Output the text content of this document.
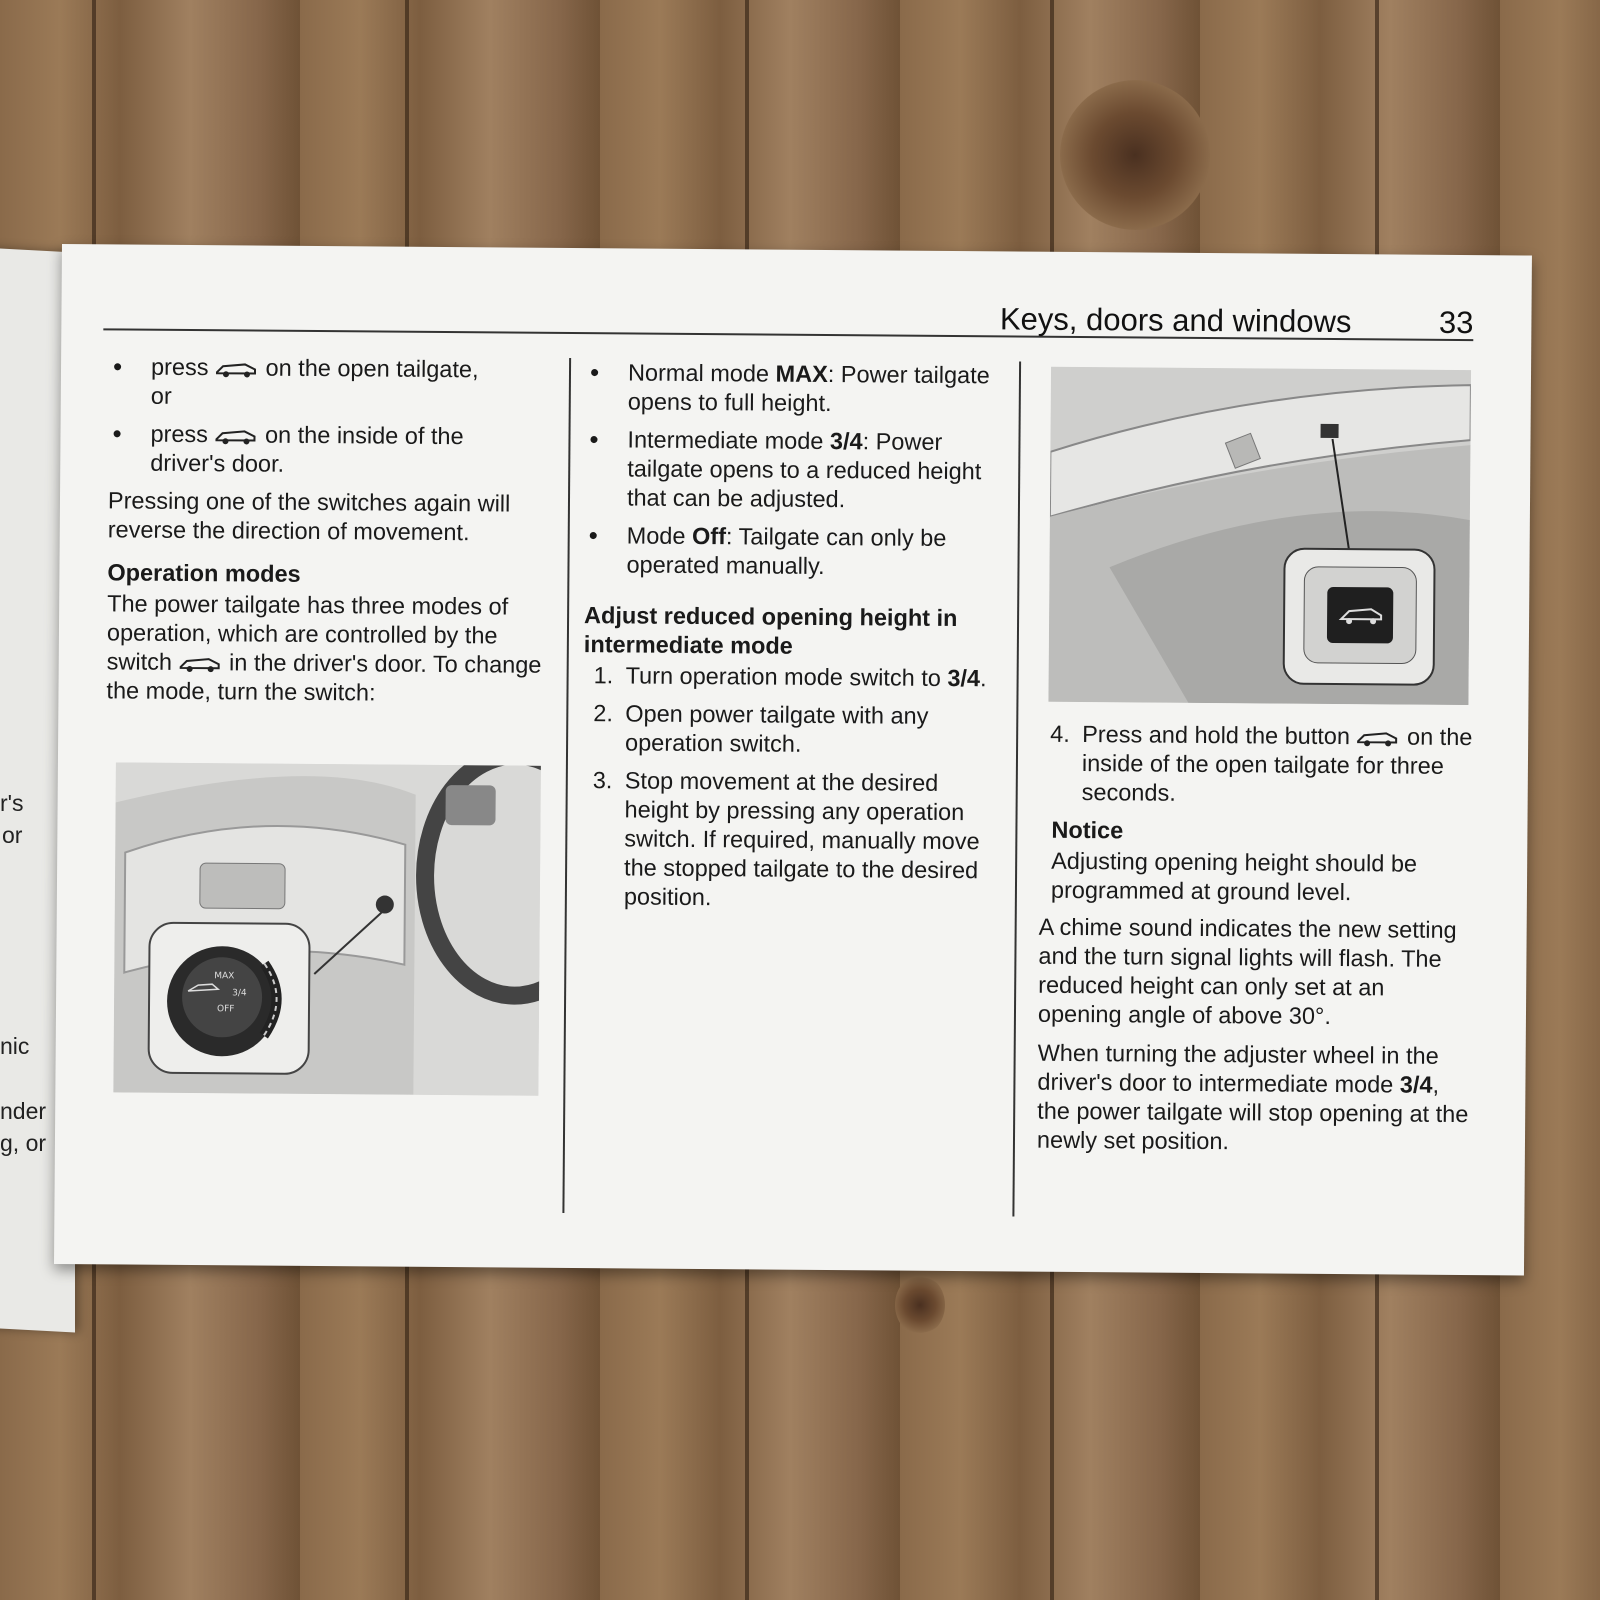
r's
or
nic
nder
g, or
Keys, doors and windows	33
• press on the open tailgate,
or
• press on the inside of the
driver's door.
Pressing one of the switches again will reverse the direction of movement.
Operation modes
The power tailgate has three modes of operation, which are controlled by the switch in the driver's door. To change the mode, turn the switch:
MAX
3/4
OFF
• Normal mode MAX: Power tailgate opens to full height.
• Intermediate mode 3/4: Power tailgate opens to a reduced height that can be adjusted.
• Mode Off: Tailgate can only be operated manually.
Adjust reduced opening height in intermediate mode
1. Turn operation mode switch to 3/4.
2. Open power tailgate with any operation switch.
3. Stop movement at the desired height by pressing any operation switch. If required, manually move the stopped tailgate to the desired position.
4. Press and hold the button on the inside of the open tailgate for three seconds.
Notice
Adjusting opening height should be programmed at ground level.
A chime sound indicates the new setting and the turn signal lights will flash. The reduced height can only set at an opening angle of above 30°.
When turning the adjuster wheel in the driver's door to intermediate mode 3/4, the power tailgate will stop opening at the newly set position.
